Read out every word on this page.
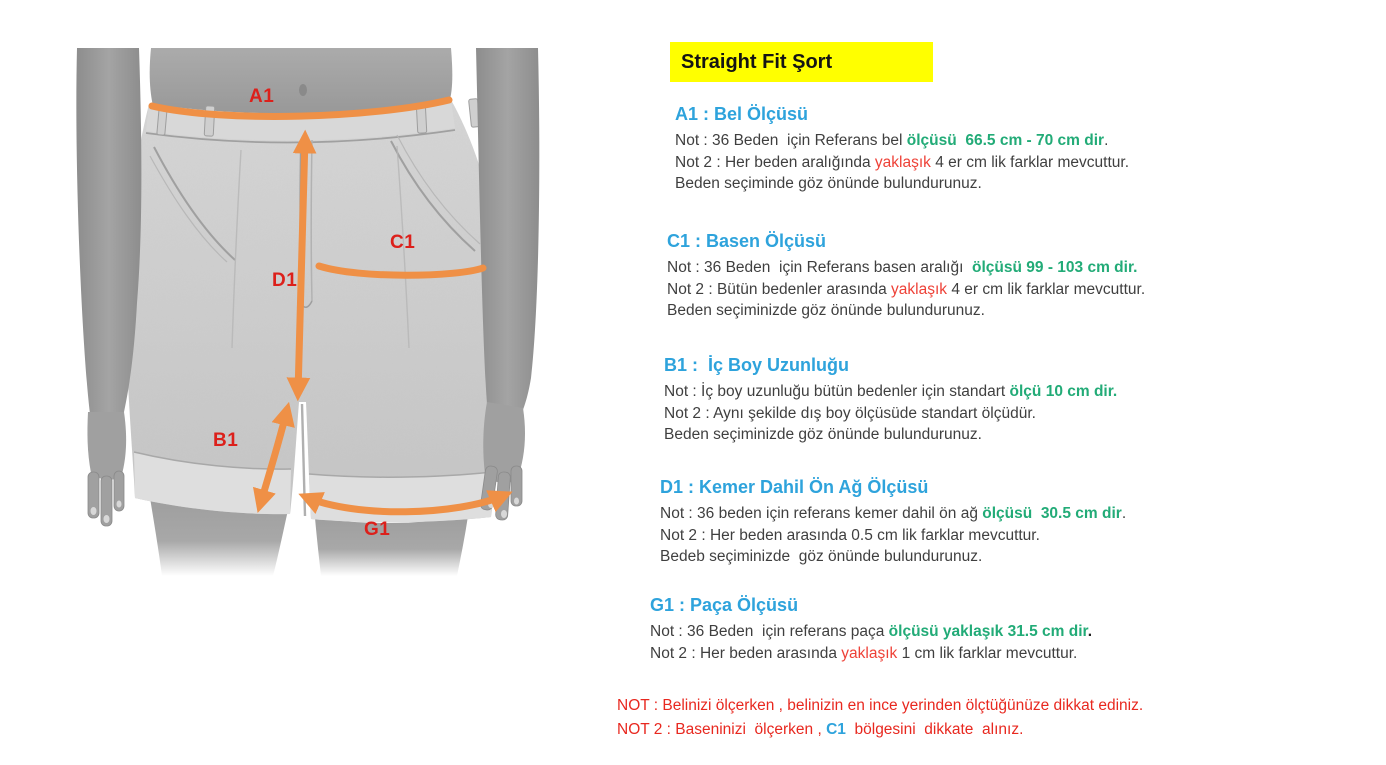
A1
C1
D1
B1
G1
Straight Fit Şort
A1 : Bel Ölçüsü

Not : 36 Beden  için Referans bel ölçüsü  66.5 cm - 70 cm dir.

Not 2 : Her beden aralığında yaklaşık 4 er cm lik farklar mevcuttur.

Beden seçiminde göz önünde bulundurunuz.

C1 : Basen Ölçüsü

Not : 36 Beden  için Referans basen aralığı  ölçüsü 99 - 103 cm dir.

Not 2 : Bütün bedenler arasında yaklaşık 4 er cm lik farklar mevcuttur.

Beden seçiminizde göz önünde bulundurunuz.

B1 :  İç Boy Uzunluğu

Not : İç boy uzunluğu bütün bedenler için standart ölçü 10 cm dir.

Not 2 : Aynı şekilde dış boy ölçüsüde standart ölçüdür.

Beden seçiminizde göz önünde bulundurunuz.

D1 : Kemer Dahil Ön Ağ Ölçüsü

Not : 36 beden için referans kemer dahil ön ağ ölçüsü  30.5 cm dir.

Not 2 : Her beden arasında 0.5 cm lik farklar mevcuttur.

Bedeb seçiminizde  göz önünde bulundurunuz.

G1 : Paça Ölçüsü

Not : 36 Beden  için referans paça ölçüsü yaklaşık 31.5 cm dir.

Not 2 : Her beden arasında yaklaşık 1 cm lik farklar mevcuttur.

NOT : Belinizi ölçerken , belinizin en ince yerinden ölçtüğünüze dikkat ediniz.

NOT 2 : Baseninizi  ölçerken , C1  bölgesini  dikkate  alınız.
